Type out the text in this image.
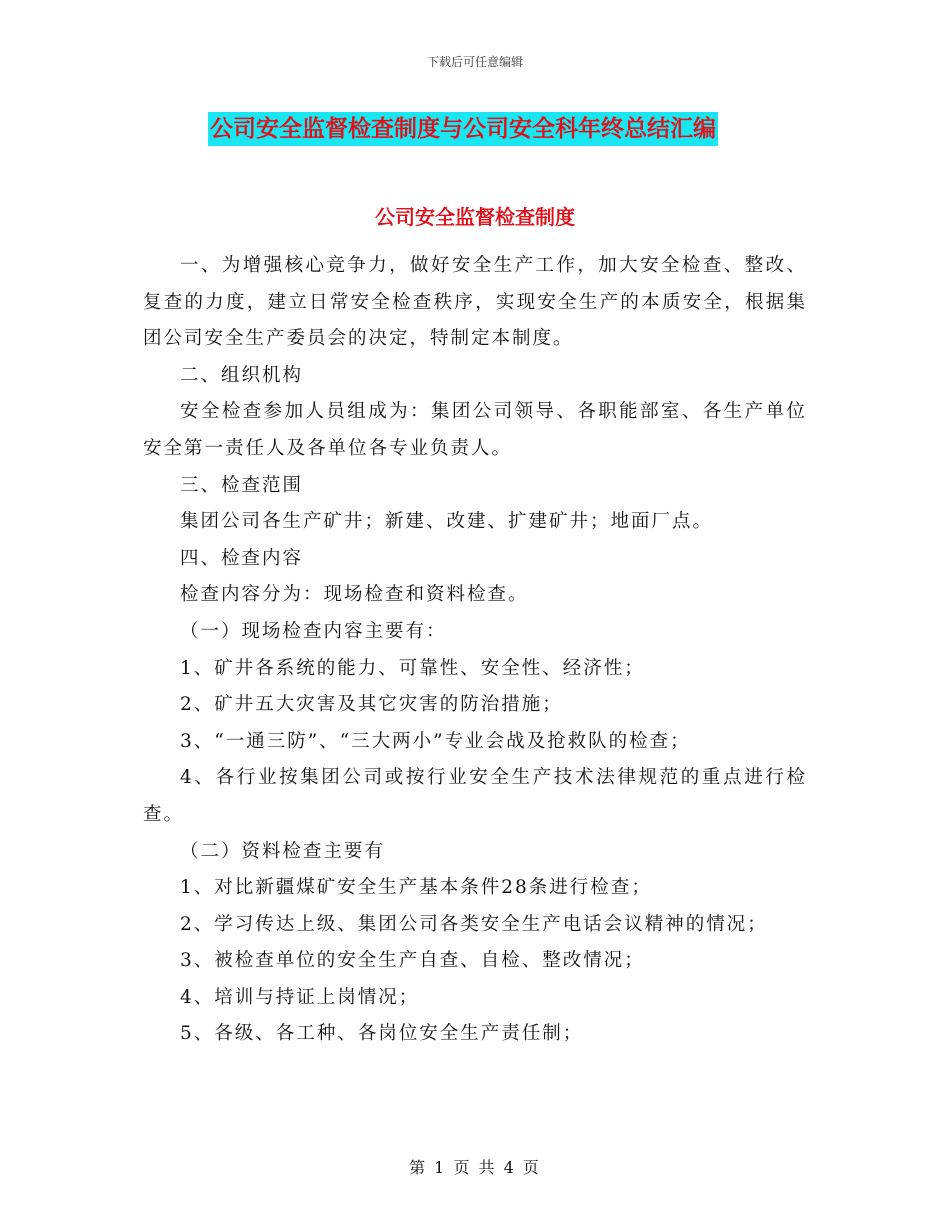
下载后可任意编辑
公司安全监督检查制度与公司安全科年终总结汇编
公司安全监督检查制度

一、为增强核心竞争力，做好安全生产工作，加大安全检查、整改、复查的力度，建立日常安全检查秩序，实现安全生产的本质安全，根据集团公司安全生产委员会的决定，特制定本制度。

二、组织机构

安全检查参加人员组成为：集团公司领导、各职能部室、各生产单位安全第一责任人及各单位各专业负责人。

三、检查范围

集团公司各生产矿井；新建、改建、扩建矿井；地面厂点。

四、检查内容

检查内容分为：现场检查和资料检查。

（一）现场检查内容主要有：

1、矿井各系统的能力、可靠性、安全性、经济性；

2、矿井五大灾害及其它灾害的防治措施；

3、“一通三防”、“三大两小”专业会战及抢救队的检查；

4、各行业按集团公司或按行业安全生产技术法律规范的重点进行检查。

（二）资料检查主要有

1、对比新疆煤矿安全生产基本条件28条进行检查；

2、学习传达上级、集团公司各类安全生产电话会议精神的情况；

3、被检查单位的安全生产自查、自检、整改情况；

4、培训与持证上岗情况；

5、各级、各工种、各岗位安全生产责任制；

第 1 页 共 4 页
